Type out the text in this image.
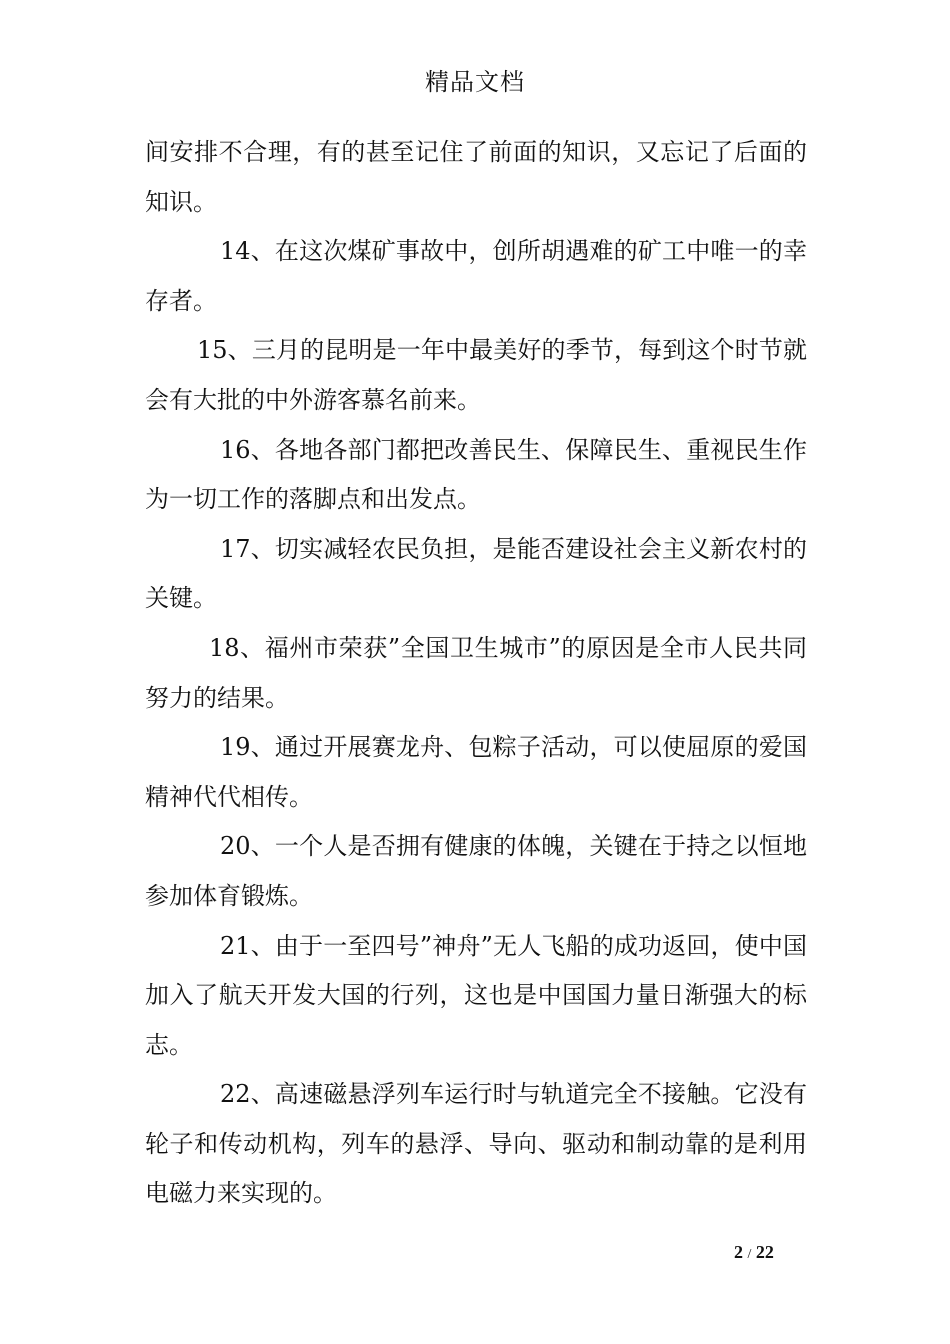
精品文档

间安排不合理，有的甚至记住了前面的知识，又忘记了后面的知识。

14、在这次煤矿事故中，创所胡遇难的矿工中唯一的幸存者。

15、三月的昆明是一年中最美好的季节，每到这个时节就会有大批的中外游客慕名前来。

16、各地各部门都把改善民生、保障民生、重视民生作为一切工作的落脚点和出发点。

17、切实减轻农民负担，是能否建设社会主义新农村的关键。

18、福州市荣获”全国卫生城市”的原因是全市人民共同努力的结果。

19、通过开展赛龙舟、包粽子活动，可以使屈原的爱国精神代代相传。

20、一个人是否拥有健康的体魄，关键在于持之以恒地参加体育锻炼。

21、由于一至四号”神舟”无人飞船的成功返回，使中国加入了航天开发大国的行列，这也是中国国力量日渐强大的标志。

22、高速磁悬浮列车运行时与轨道完全不接触。它没有轮子和传动机构，列车的悬浮、导向、驱动和制动靠的是利用电磁力来实现的。

2 / 22
